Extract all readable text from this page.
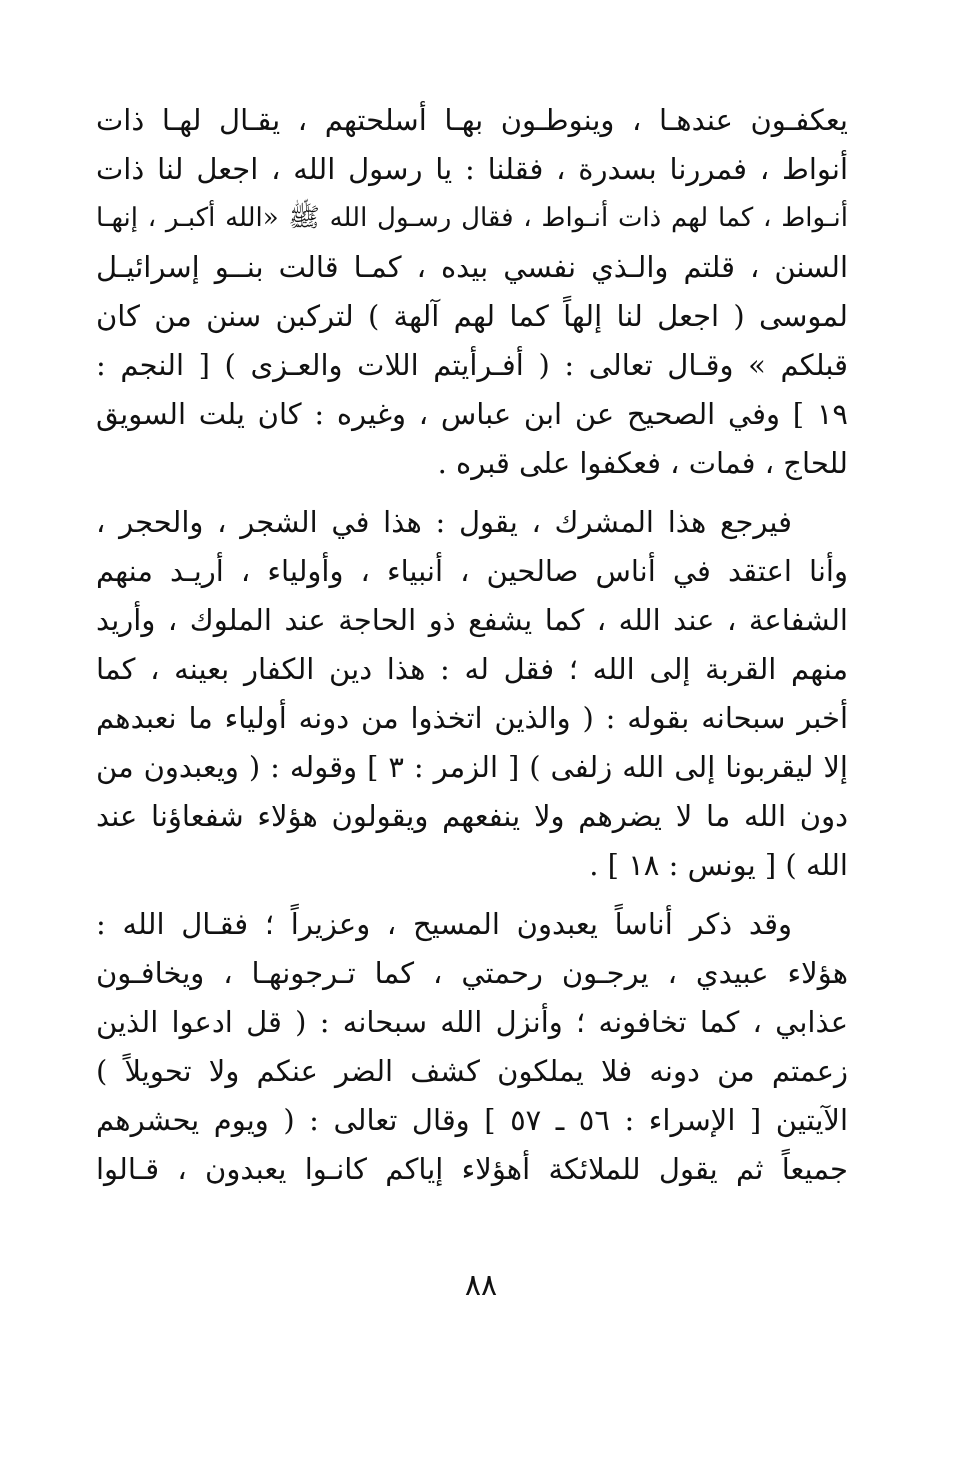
يعكفـون عندهـا ، وينوطـون بهـا أسلحتهم ، يقـال لهـا ذات
أنواط ، فمررنا بسدرة ، فقلنا : يا رسول الله ، اجعل لنا ذات
أنـواط ، كما لهم ذات أنـواط ، فقال رسـول الله ﷺ «الله أكبـر ، إنهـا
السنن ، قلتم والـذي نفسي بيده ، كمـا قالت بنــو إسرائيـل
لموسى ( اجعل لنا إلهاً كما لهم آلهة ) لتركبن سنن من كان
قبلكم » وقـال تعالى : ( أفـرأيتم اللات والعـزى ) [ النجم :
١٩ ] وفي الصحيح عن ابن عباس ، وغيره : كان يلت السويق
للحاج ، فمات ، فعكفوا على قبره .
فيرجع هذا المشرك ، يقول : هذا في الشجر ، والحجر ،
وأنا اعتقد في أناس صالحين ، أنبياء ، وأولياء ، أريـد منهم
الشفاعة ، عند الله ، كما يشفع ذو الحاجة عند الملوك ، وأريد
منهم القربة إلى الله ؛ فقل له : هذا دين الكفار بعينه ، كما
أخبر سبحانه بقوله : ( والذين اتخذوا من دونه أولياء ما نعبدهم
إلا ليقربونا إلى الله زلفى ) [ الزمر : ٣ ] وقوله : ( ويعبدون من
دون الله ما لا يضرهم ولا ينفعهم ويقولون هؤلاء شفعاؤنا عند
الله ) [ يونس : ١٨ ] .
وقد ذكر أناساً يعبدون المسيح ، وعزيراً ؛ فقـال الله :
هؤلاء عبيدي ، يرجـون رحمتي ، كما تـرجونهـا ، ويخافـون
عذابي ، كما تخافونه ؛ وأنزل الله سبحانه : ( قل ادعوا الذين
زعمتم من دونه فلا يملكون كشف الضر عنكم ولا تحويلاً )
الآيتين [ الإسراء : ٥٦ ـ ٥٧ ] وقال تعالى : ( ويوم يحشرهم
جميعاً ثم يقول للملائكة أهؤلاء إياكم كانـوا يعبدون ، قـالوا
٨٨
